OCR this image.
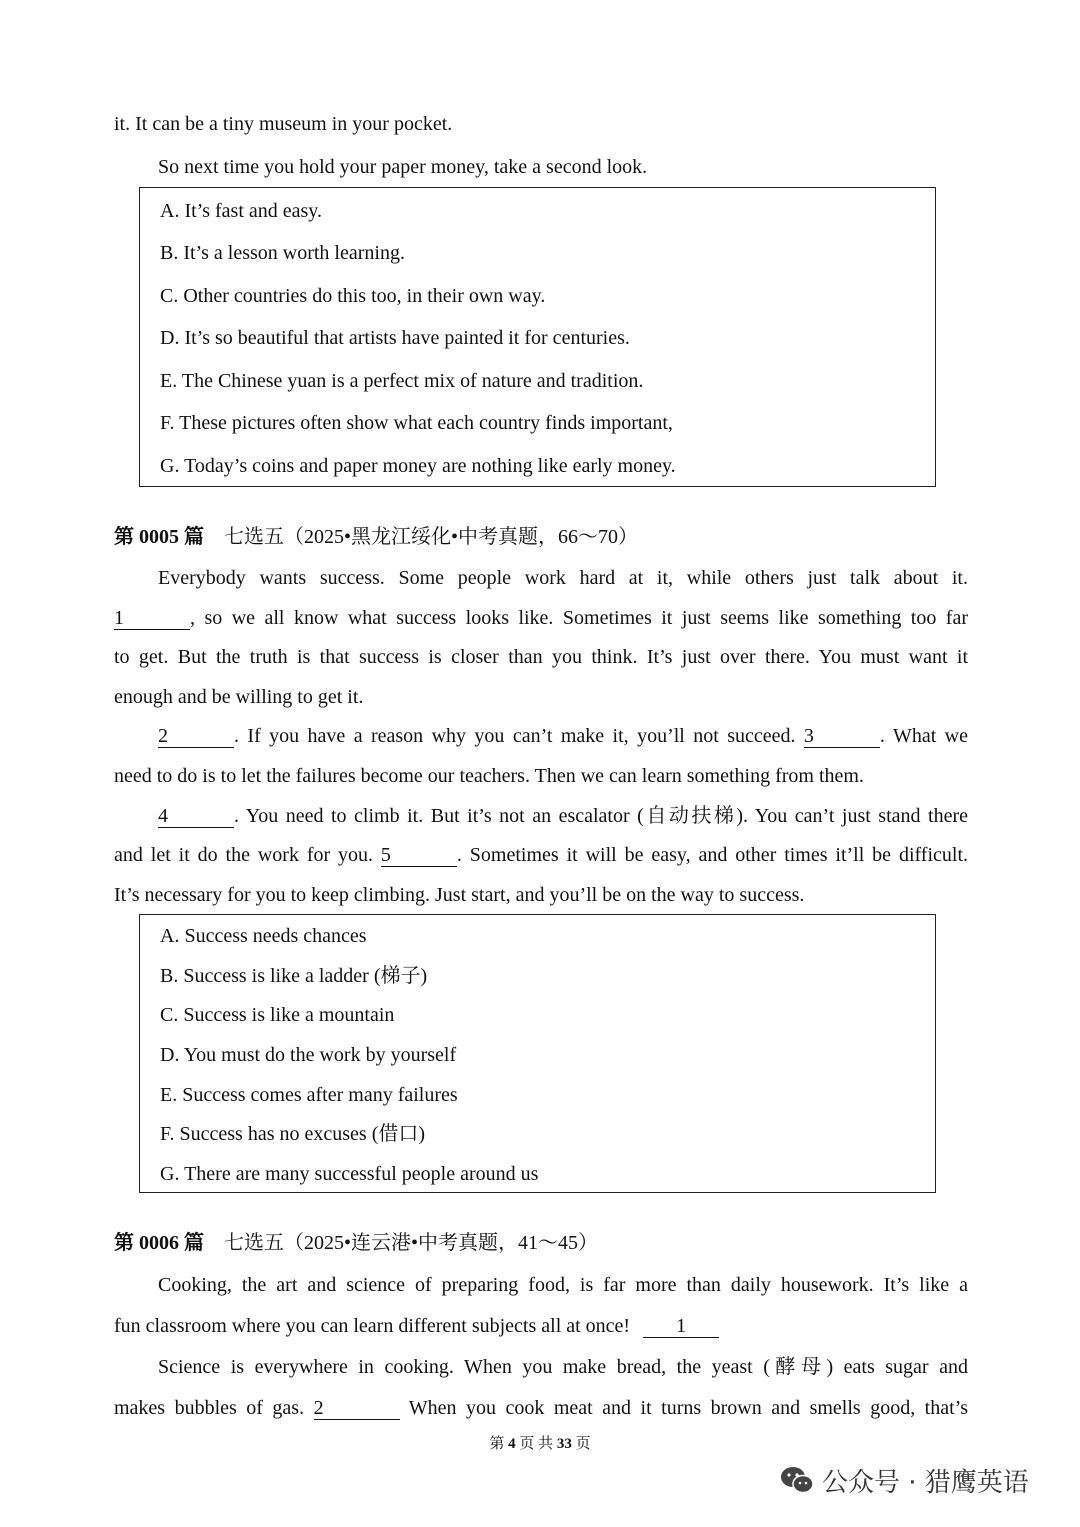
it. It can be a tiny museum in your pocket.
So next time you hold your paper money, take a second look.
A. It’s fast and easy.
B. It’s a lesson worth learning.
C. Other countries do this too, in their own way.
D. It’s so beautiful that artists have painted it for centuries.
E. The Chinese yuan is a perfect mix of nature and tradition.
F. These pictures often show what each country finds important,
G. Today’s coins and paper money are nothing like early money.
第 0005 篇 七选五（2025•黑龙江绥化•中考真题，66～70）
Everybody wants success. Some people work hard at it, while others just talk about it.
1	, so we all know what success looks like. Sometimes it just seems like something too far
to get. But the truth is that success is closer than you think. It’s just over there. You must want it
enough and be willing to get it.
2	. If you have a reason why you can’t make it, you’ll not succeed. 3	. What we
need to do is to let the failures become our teachers. Then we can learn something from them.
4	. You need to climb it. But it’s not an escalator (自动扶梯). You can’t just stand there
and let it do the work for you. 5	. Sometimes it will be easy, and other times it’ll be difficult.
It’s necessary for you to keep climbing. Just start, and you’ll be on the way to success.
A. Success needs chances
B. Success is like a ladder (梯子)
C. Success is like a mountain
D. You must do the work by yourself
E. Success comes after many failures
F. Success has no excuses (借口)
G. There are many successful people around us
第 0006 篇 七选五（2025•连云港•中考真题，41～45）
Cooking, the art and science of preparing food, is far more than daily housework. It’s like a
fun classroom where you can learn different subjects all at once! 1
Science is everywhere in cooking. When you make bread, the yeast (酵母) eats sugar and
makes bubbles of gas. 2	When you cook meat and it turns brown and smells good, that’s
第 4 页 共 33 页
公众号 · 猎鹰英语
